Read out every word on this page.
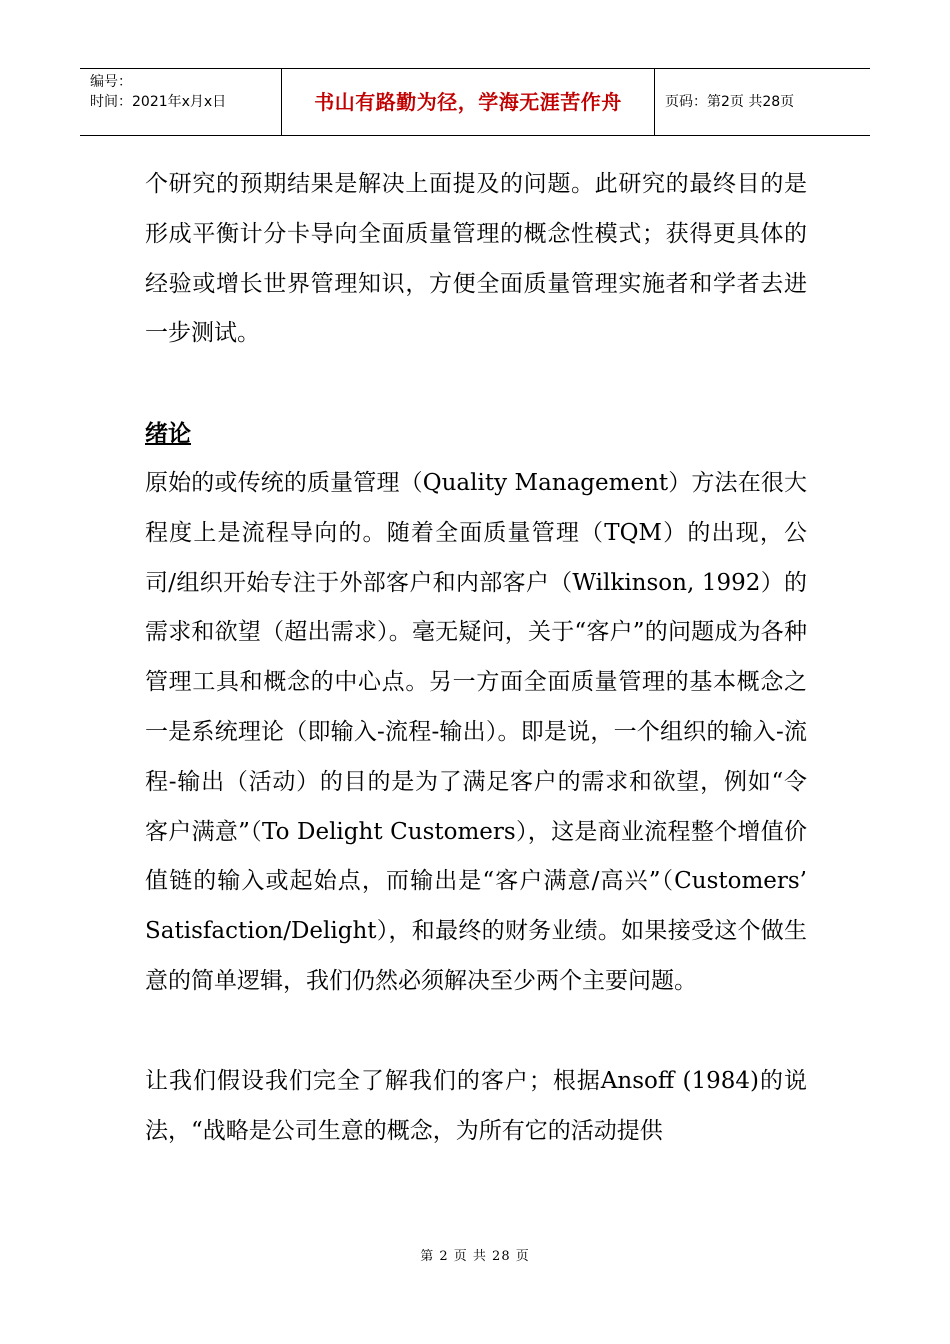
编号：
时间：2021年x月x日	书山有路勤为径，学海无涯苦作舟	页码：第2页 共28页

个研究的预期结果是解决上面提及的问题。此研究的最终目的是形成平衡计分卡导向全面质量管理的概念性模式；获得更具体的经验或增长世界管理知识，方便全面质量管理实施者和学者去进一步测试。

绪论

原始的或传统的质量管理（Quality Management）方法在很大程度上是流程导向的。随着全面质量管理（TQM）的出现，公司/组织开始专注于外部客户和内部客户（Wilkinson, 1992）的需求和欲望（超出需求）。毫无疑问，关于“客户”的问题成为各种管理工具和概念的中心点。另一方面全面质量管理的基本概念之一是系统理论（即输入-流程-输出）。即是说，一个组织的输入-流程-输出（活动）的目的是为了满足客户的需求和欲望，例如“令客户满意”（To Delight Customers），这是商业流程整个增值价值链的输入或起始点，而输出是“客户满意/高兴”（Customers’ Satisfaction/Delight），和最终的财务业绩。如果接受这个做生意的简单逻辑，我们仍然必须解决至少两个主要问题。

让我们假设我们完全了解我们的客户；根据Ansoff (1984)的说法，“战略是公司生意的概念，为所有它的活动提供

第 2 页 共 28 页
